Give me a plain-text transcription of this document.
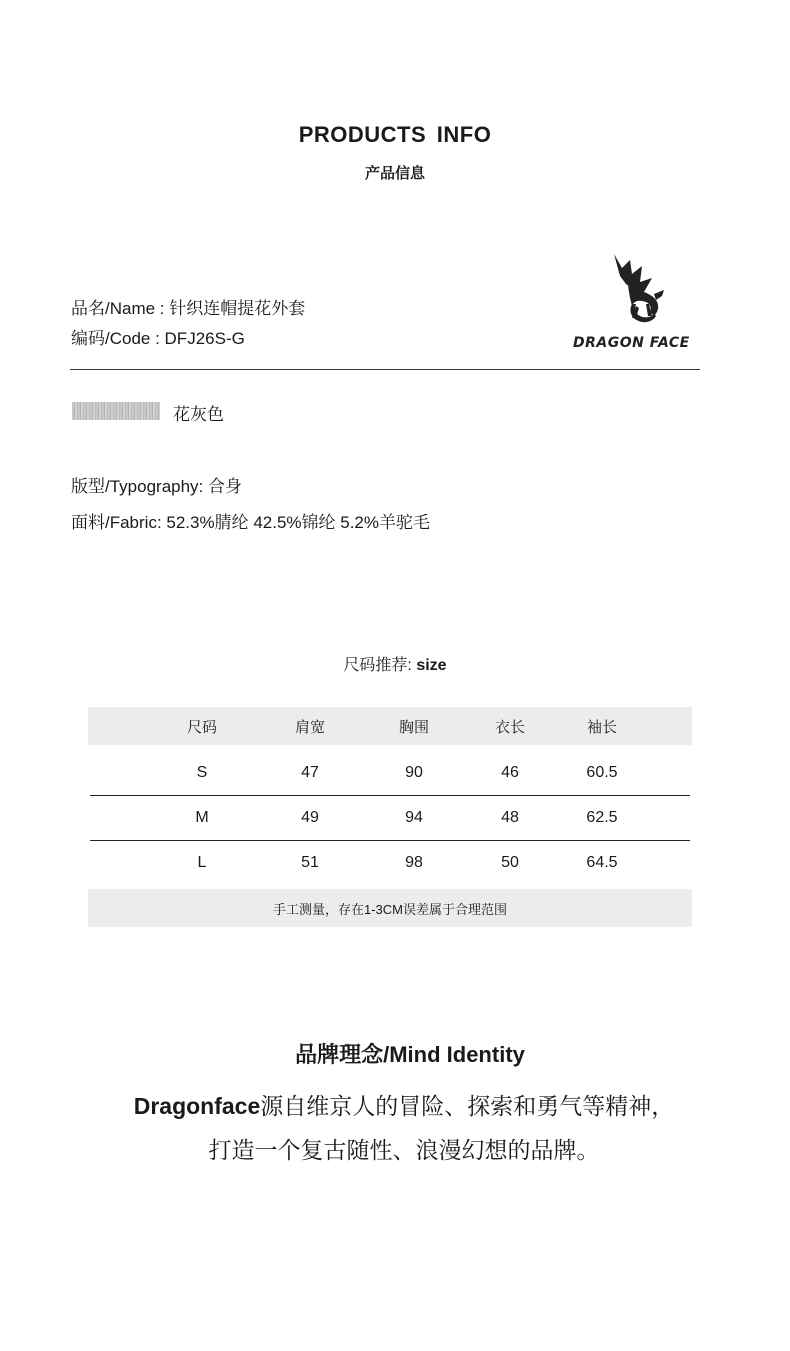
PRODUCTS INFO
产品信息
品名/Name : 针织连帽提花外套
编码/Code : DFJ26S-G	DRAGON FACE
花灰色
版型/Typography: 合身
面料/Fabric: 52.3%腈纶 42.5%锦纶 5.2%羊驼毛
尺码推荐: size
尺码	肩宽	胸围	衣长	袖长
S	47	90	46	60.5
M	49	94	48	62.5
L	51	98	50	64.5
手工测量，存在1-3CM误差属于合理范围
品牌理念/Mind Identity
Dragonface源自维京人的冒险、探索和勇气等精神，
打造一个复古随性、浪漫幻想的品牌。
